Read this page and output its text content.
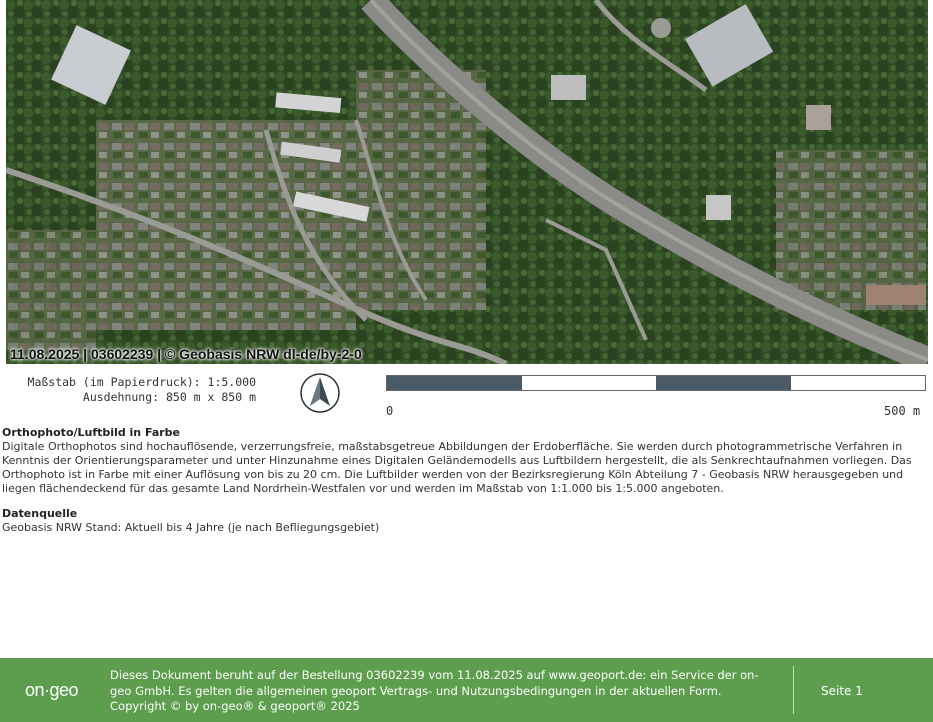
11.08.2025 | 03602239 | © Geobasis NRW dl-de/by-2-0
Maßstab (im Papierdruck): 1:5.000
Ausdehnung: 850 m x 850 m
0	500 m
Orthophoto/Luftbild in Farbe

Digitale Orthophotos sind hochauflösende, verzerrungsfreie, maßstabsgetreue Abbildungen der Erdoberfläche. Sie werden durch photogrammetrische Verfahren in Kenntnis der Orientierungsparameter und unter Hinzunahme eines Digitalen Geländemodells aus Luftbildern hergestellt, die als Senkrechtaufnahmen vorliegen. Das Orthophoto ist in Farbe mit einer Auflösung von bis zu 20 cm. Die Luftbilder werden von der Bezirksregierung Köln Abteilung 7 - Geobasis NRW herausgegeben und liegen flächendeckend für das gesamte Land Nordrhein-Westfalen vor und werden im Maßstab von 1:1.000 bis 1:5.000 angeboten.

Datenquelle

Geobasis NRW Stand: Aktuell bis 4 Jahre (je nach Befliegungsgebiet)

on·geo
Dieses Dokument beruht auf der Bestellung 03602239 vom 11.08.2025 auf www.geoport.de: ein Service der on-geo GmbH. Es gelten die allgemeinen geoport Vertrags- und Nutzungsbedingungen in der aktuellen Form. Copyright © by on-geo® & geoport® 2025
Seite 1
